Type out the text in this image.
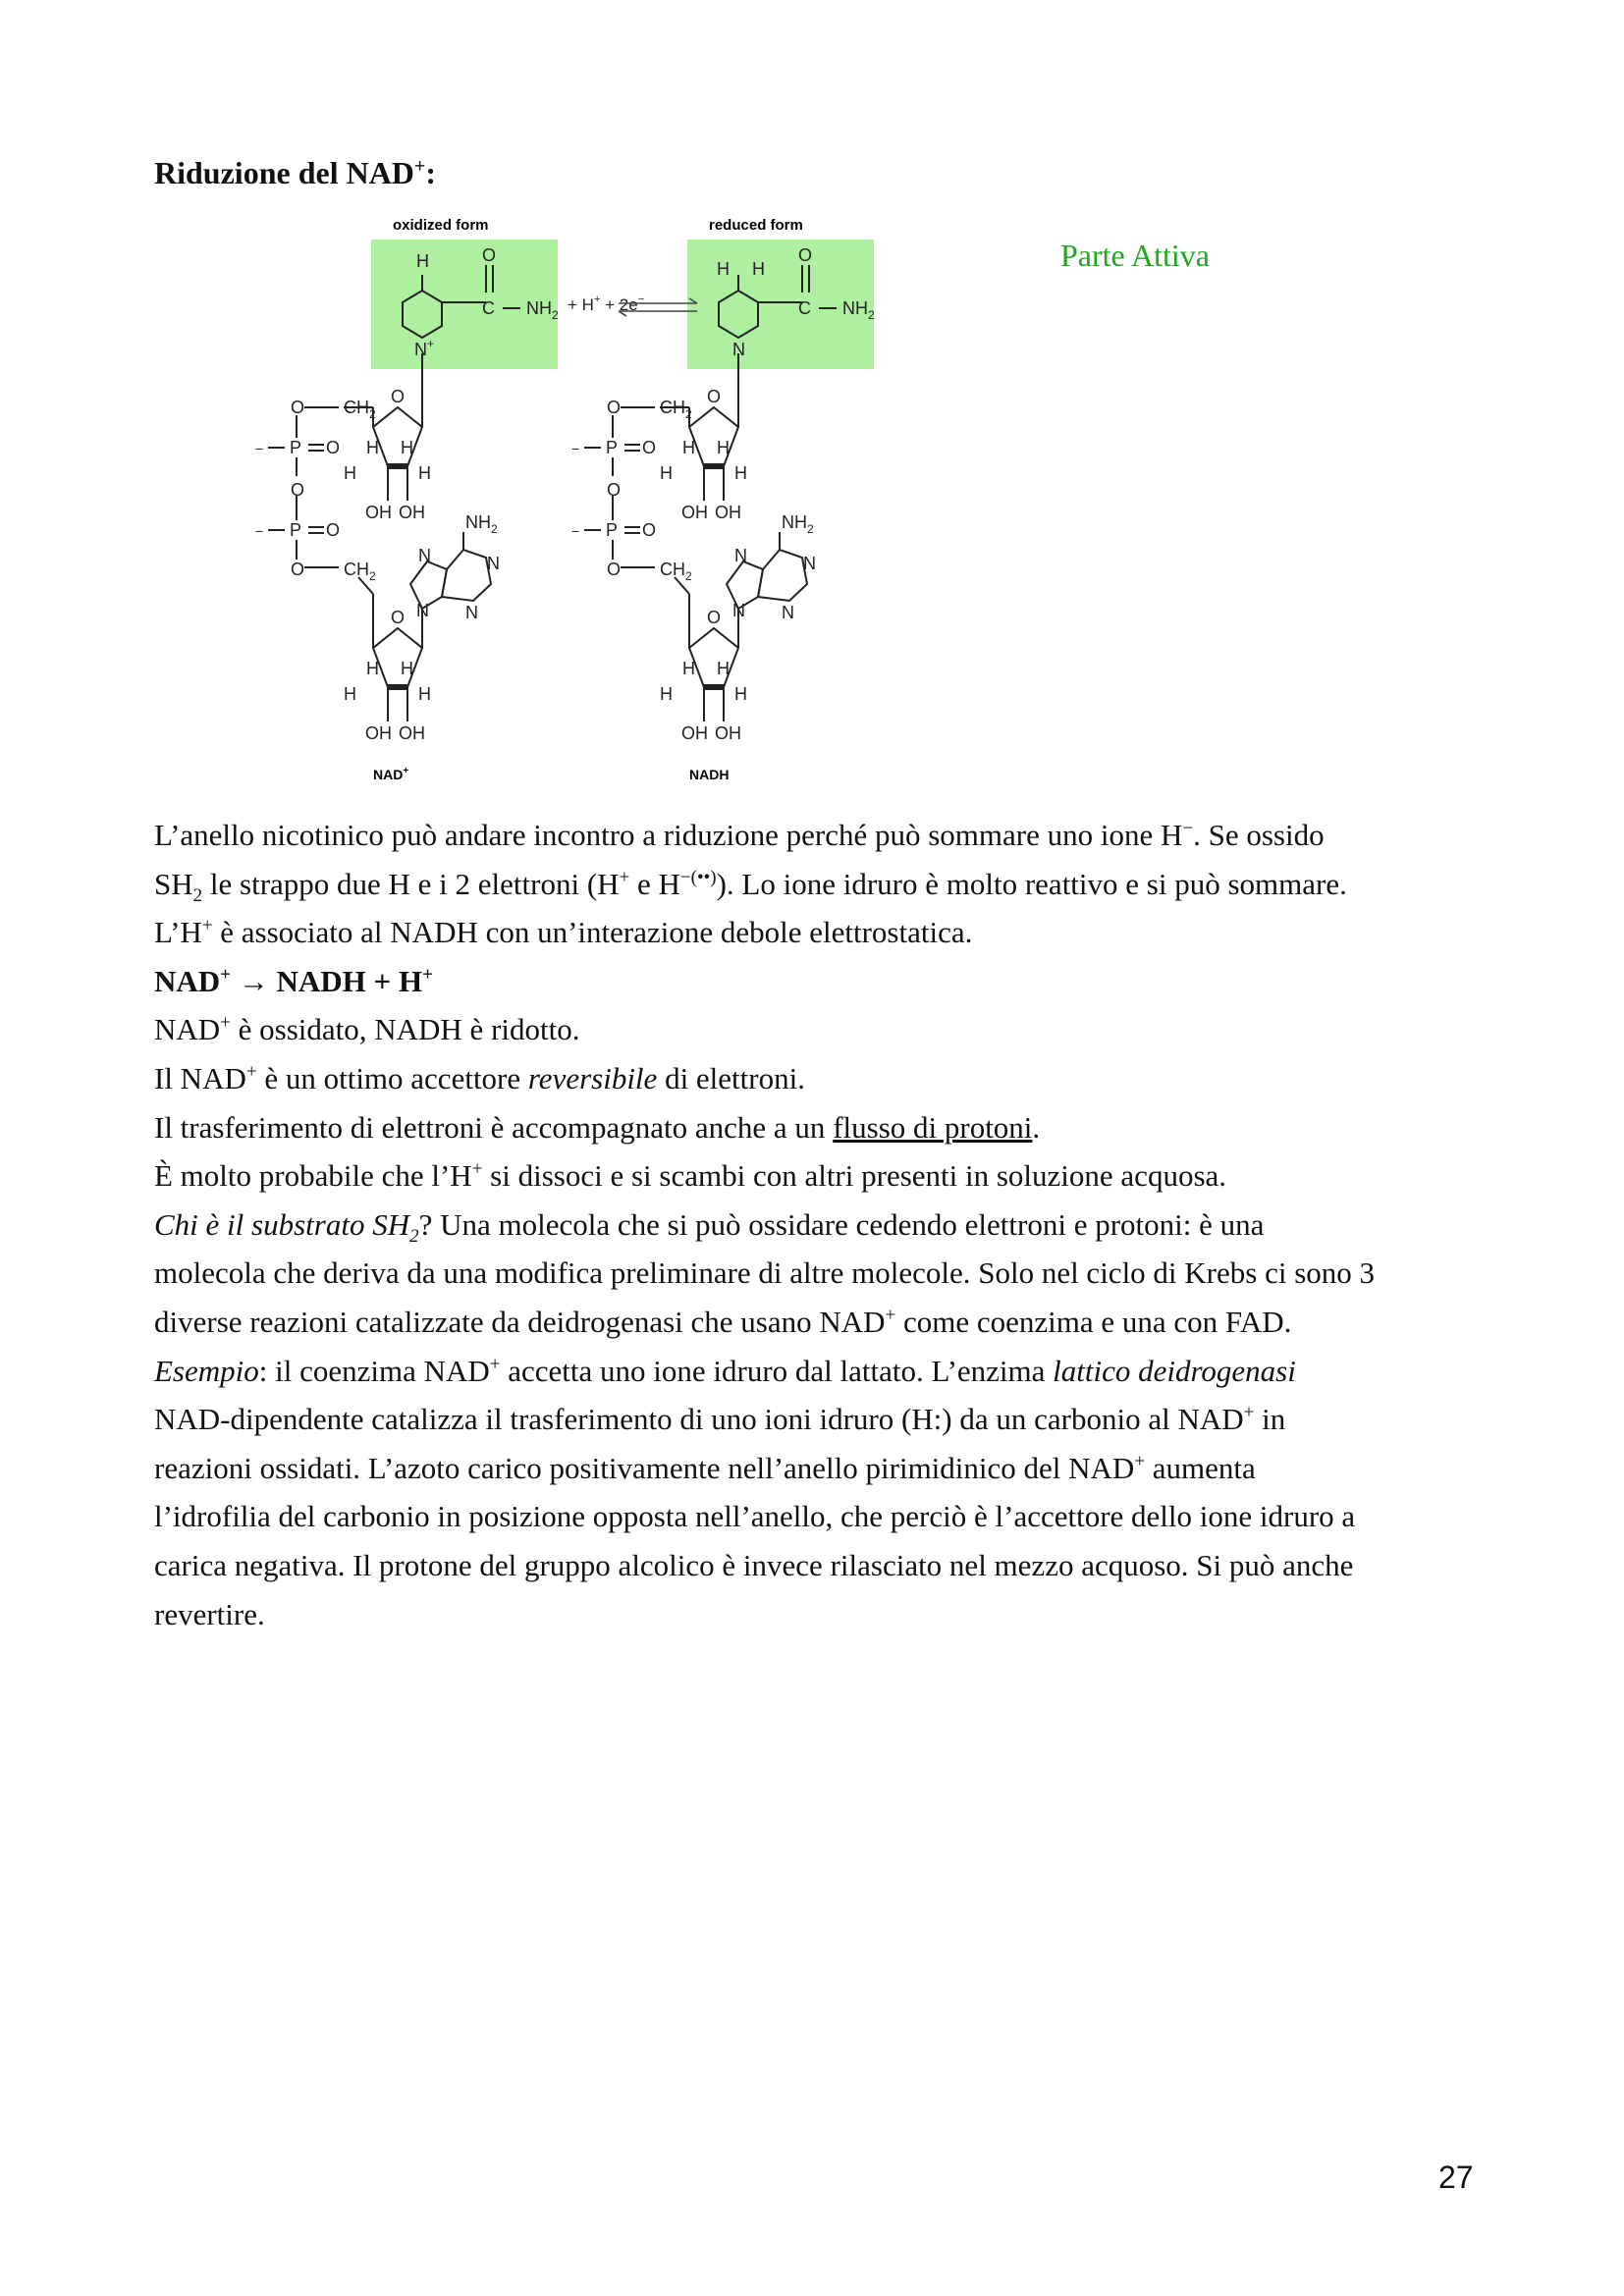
Riduzione del NAD+:
oxidized form	reduced form
H	O
C $NH_2$
N+
+ H+ + 2e−
O $CH_2$
O
− P O
O
H H
H	H
OH OH
− P O
O $CH_2$
$NH_2$
N	N
N
N
O
H H
H	H
OH OH
NAD+
H H
O
C $NH_2$
N
O $CH_2$
O
− P O
O
H H
H	H
OH OH
− P O
O $CH_2$
$NH_2$
N	N
N
N
O
H H
H	H
OH OH
NADH
Parte Attiva
L’anello nicotinico può andare incontro a riduzione perché può sommare uno ione H−. Se ossido
$SH_2$ le strappo due H e i 2 elettroni (H+ e H−(••)). Lo ione idruro è molto reattivo e si può sommare.
L’H+ è associato al NADH con un’interazione debole elettrostatica.
NAD+ → NADH + H+
NAD+ è ossidato, NADH è ridotto.
Il NAD+ è un ottimo accettore reversibile di elettroni.
Il trasferimento di elettroni è accompagnato anche a un flusso di protoni.
È molto probabile che l’H+ si dissoci e si scambi con altri presenti in soluzione acquosa.
Chi è il substrato $SH_2$? Una molecola che si può ossidare cedendo elettroni e protoni: è una
molecola che deriva da una modifica preliminare di altre molecole. Solo nel ciclo di Krebs ci sono 3
diverse reazioni catalizzate da deidrogenasi che usano NAD+ come coenzima e una con FAD.
Esempio: il coenzima NAD+ accetta uno ione idruro dal lattato. L’enzima lattico deidrogenasi
NAD-dipendente catalizza il trasferimento di uno ioni idruro (H:) da un carbonio al NAD+ in
reazioni ossidati. L’azoto carico positivamente nell’anello pirimidinico del NAD+ aumenta
l’idrofilia del carbonio in posizione opposta nell’anello, che perciò è l’accettore dello ione idruro a
carica negativa. Il protone del gruppo alcolico è invece rilasciato nel mezzo acquoso. Si può anche
revertire.
27
